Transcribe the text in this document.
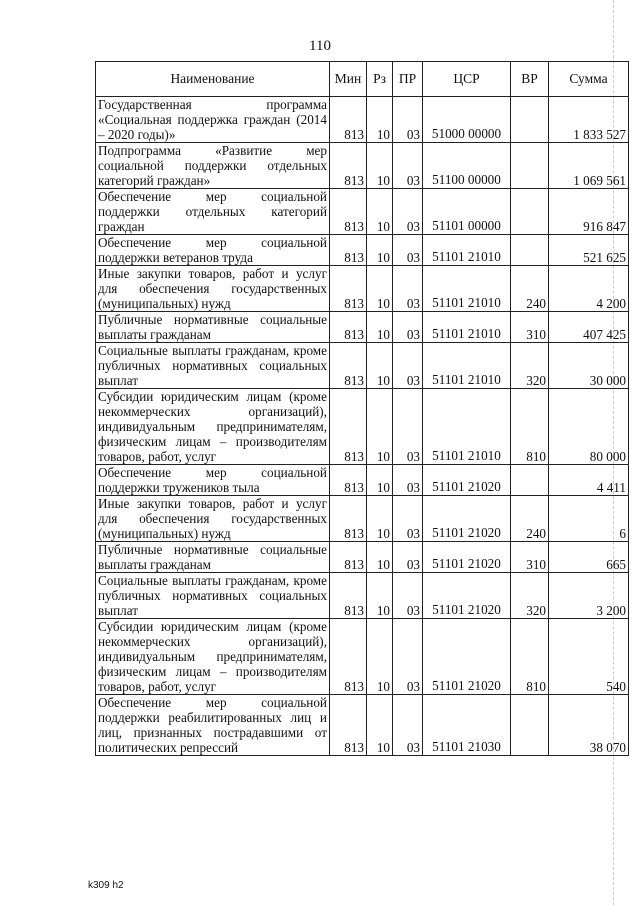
110
Наименование	Мин	Рз	ПР	ЦСР	ВР	Сумма
Государственная программа «Социальная поддержка граждан (2014 – 2020 годы)»	813	10	03	51000 00000		1 833 527
Подпрограмма «Развитие мер социальной поддержки отдельных категорий граждан»	813	10	03	51100 00000		1 069 561
Обеспечение мер социальной поддержки отдельных категорий граждан	813	10	03	51101 00000		916 847
Обеспечение мер социальной поддержки ветеранов труда	813	10	03	51101 21010		521 625
Иные закупки товаров, работ и услуг для обеспечения государственных (муниципальных) нужд	813	10	03	51101 21010	240	4 200
Публичные нормативные социальные выплаты гражданам	813	10	03	51101 21010	310	407 425
Социальные выплаты гражданам, кроме публичных нормативных социальных выплат	813	10	03	51101 21010	320	30 000
Субсидии юридическим лицам (кроме некоммерческих организаций), индивидуальным предпринимателям, физическим лицам – производителям товаров, работ, услуг	813	10	03	51101 21010	810	80 000
Обеспечение мер социальной поддержки тружеников тыла	813	10	03	51101 21020		4 411
Иные закупки товаров, работ и услуг для обеспечения государственных (муниципальных) нужд	813	10	03	51101 21020	240	6
Публичные нормативные социальные выплаты гражданам	813	10	03	51101 21020	310	665
Социальные выплаты гражданам, кроме публичных нормативных социальных выплат	813	10	03	51101 21020	320	3 200
Субсидии юридическим лицам (кроме некоммерческих организаций), индивидуальным предпринимателям, физическим лицам – производителям товаров, работ, услуг	813	10	03	51101 21020	810	540
Обеспечение мер социальной поддержки реабилитированных лиц и лиц, признанных пострадавшими от политических репрессий	813	10	03	51101 21030		38 070
k309 h2
